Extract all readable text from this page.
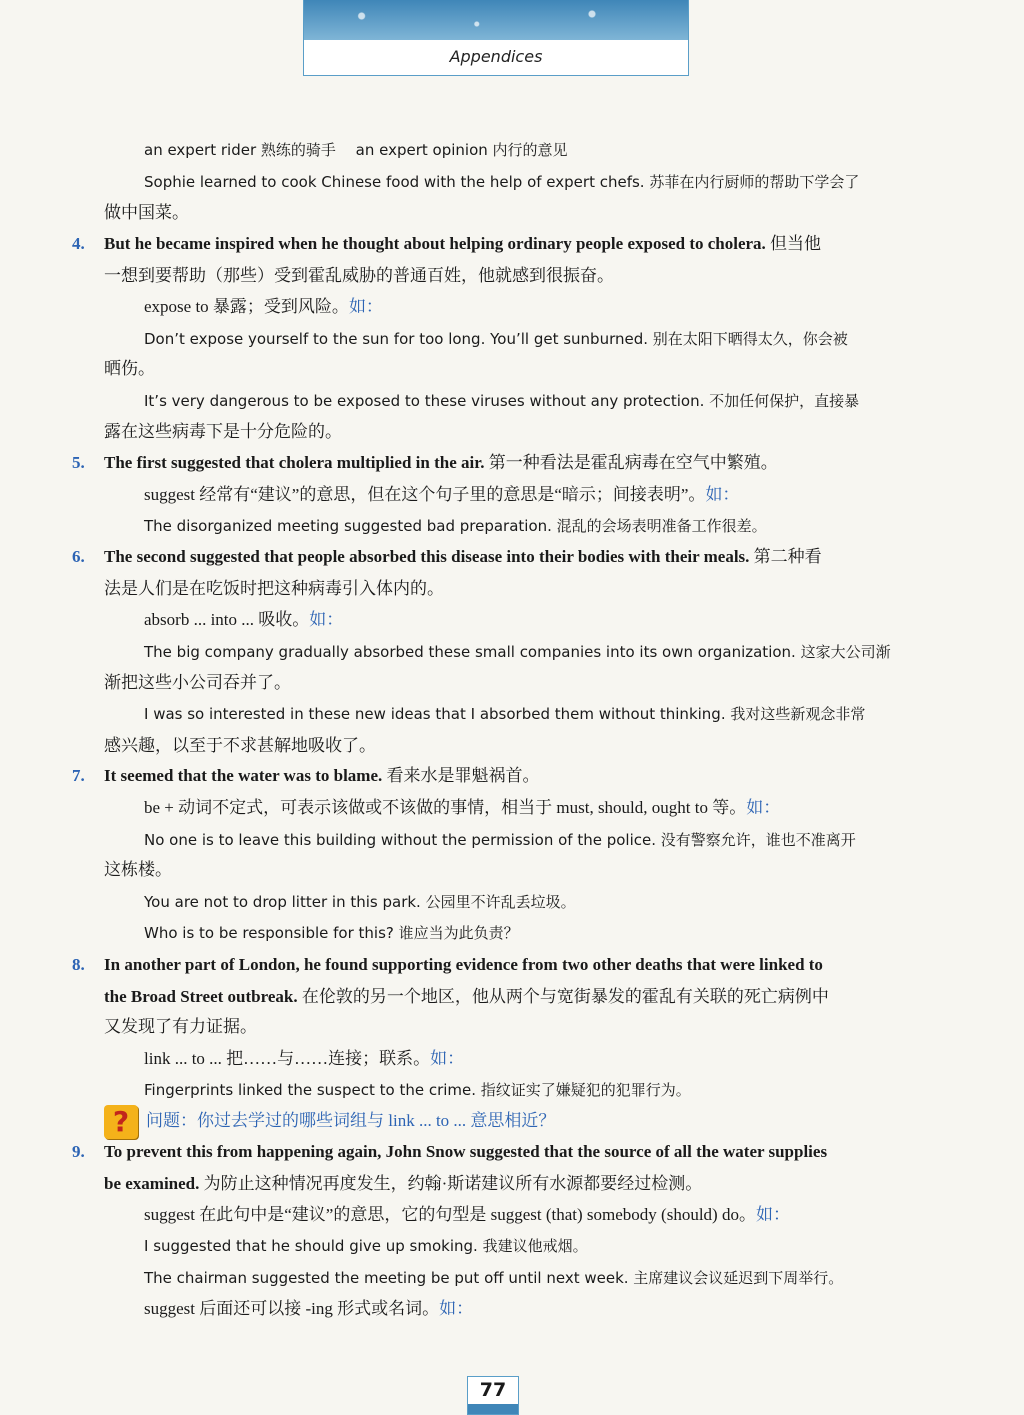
Appendices
an expert rider 熟练的骑手　 an expert opinion 内行的意见
Sophie learned to cook Chinese food with the help of expert chefs. 苏菲在内行厨师的帮助下学会了
做中国菜。
But he became inspired when he thought about helping ordinary people exposed to cholera. 但当他
一想到要帮助（那些）受到霍乱威胁的普通百姓，他就感到很振奋。
expose to 暴露；受到风险。如：
Don’t expose yourself to the sun for too long. You’ll get sunburned. 别在太阳下晒得太久，你会被
晒伤。
It’s very dangerous to be exposed to these viruses without any protection. 不加任何保护，直接暴
露在这些病毒下是十分危险的。
The first suggested that cholera multiplied in the air. 第一种看法是霍乱病毒在空气中繁殖。
suggest 经常有“建议”的意思，但在这个句子里的意思是“暗示；间接表明”。如：
The disorganized meeting suggested bad preparation. 混乱的会场表明准备工作很差。
The second suggested that people absorbed this disease into their bodies with their meals. 第二种看
法是人们是在吃饭时把这种病毒引入体内的。
absorb ... into ... 吸收。如：
The big company gradually absorbed these small companies into its own organization. 这家大公司渐
渐把这些小公司吞并了。
I was so interested in these new ideas that I absorbed them without thinking. 我对这些新观念非常
感兴趣，以至于不求甚解地吸收了。
It seemed that the water was to blame. 看来水是罪魁祸首。
be + 动词不定式，可表示该做或不该做的事情，相当于 must, should, ought to 等。如：
No one is to leave this building without the permission of the police. 没有警察允许，谁也不准离开
这栋楼。
You are not to drop litter in this park. 公园里不许乱丢垃圾。
Who is to be responsible for this? 谁应当为此负责？
In another part of London, he found supporting evidence from two other deaths that were linked to
the Broad Street outbreak. 在伦敦的另一个地区，他从两个与宽街暴发的霍乱有关联的死亡病例中
又发现了有力证据。
link ... to ... 把……与……连接；联系。如：
Fingerprints linked the suspect to the crime. 指纹证实了嫌疑犯的犯罪行为。
问题：你过去学过的哪些词组与 link ... to ... 意思相近？
To prevent this from happening again, John Snow suggested that the source of all the water supplies
be examined. 为防止这种情况再度发生，约翰·斯诺建议所有水源都要经过检测。
suggest 在此句中是“建议”的意思，它的句型是 suggest (that) somebody (should) do。如：
I suggested that he should give up smoking. 我建议他戒烟。
The chairman suggested the meeting be put off until next week. 主席建议会议延迟到下周举行。
suggest 后面还可以接 -ing 形式或名词。如：
4.
5.
6.
7.
8.
9.
?
77
